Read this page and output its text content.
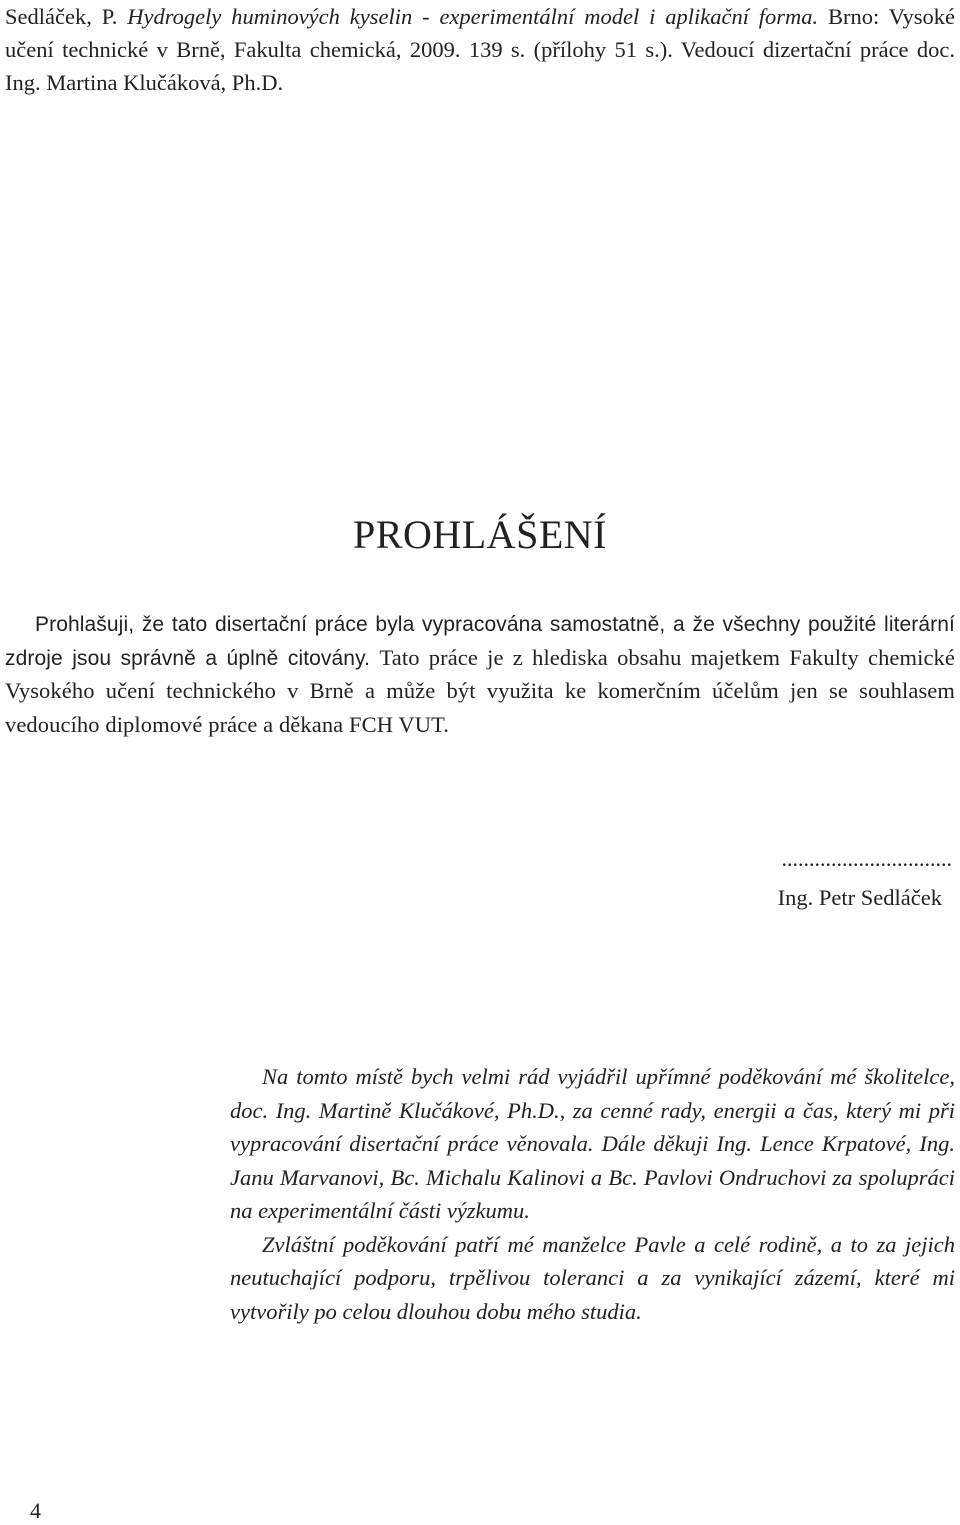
Sedláček, P. Hydrogely huminových kyselin - experimentální model i aplikační forma. Brno: Vysoké učení technické v Brně, Fakulta chemická, 2009. 139 s. (přílohy 51 s.). Vedoucí dizertační práce doc. Ing. Martina Klučáková, Ph.D.
PROHLÁŠENÍ
Prohlašuji, že tato disertační práce byla vypracována samostatně, a že všechny použité literární zdroje jsou správně a úplně citovány. Tato práce je z hlediska obsahu majetkem Fakulty chemické Vysokého učení technického v Brně a může být využita ke komerčním účelům jen se souhlasem vedoucího diplomové práce a děkana FCH VUT.
...............................
Ing. Petr Sedláček

Na tomto místě bych velmi rád vyjádřil upřímné poděkování mé školitelce, doc. Ing. Martině Klučákové, Ph.D., za cenné rady, energii a čas, který mi při vypracování disertační práce věnovala. Dále děkuji Ing. Lence Krpatové, Ing. Janu Marvanovi, Bc. Michalu Kalinovi a Bc. Pavlovi Ondruchovi za spolupráci na experimentální části výzkumu.

Zvláštní poděkování patří mé manželce Pavle a celé rodině, a to za jejich neutuchající podporu, trpělivou toleranci a za vynikající zázemí, které mi vytvořily po celou dlouhou dobu mého studia.

4
